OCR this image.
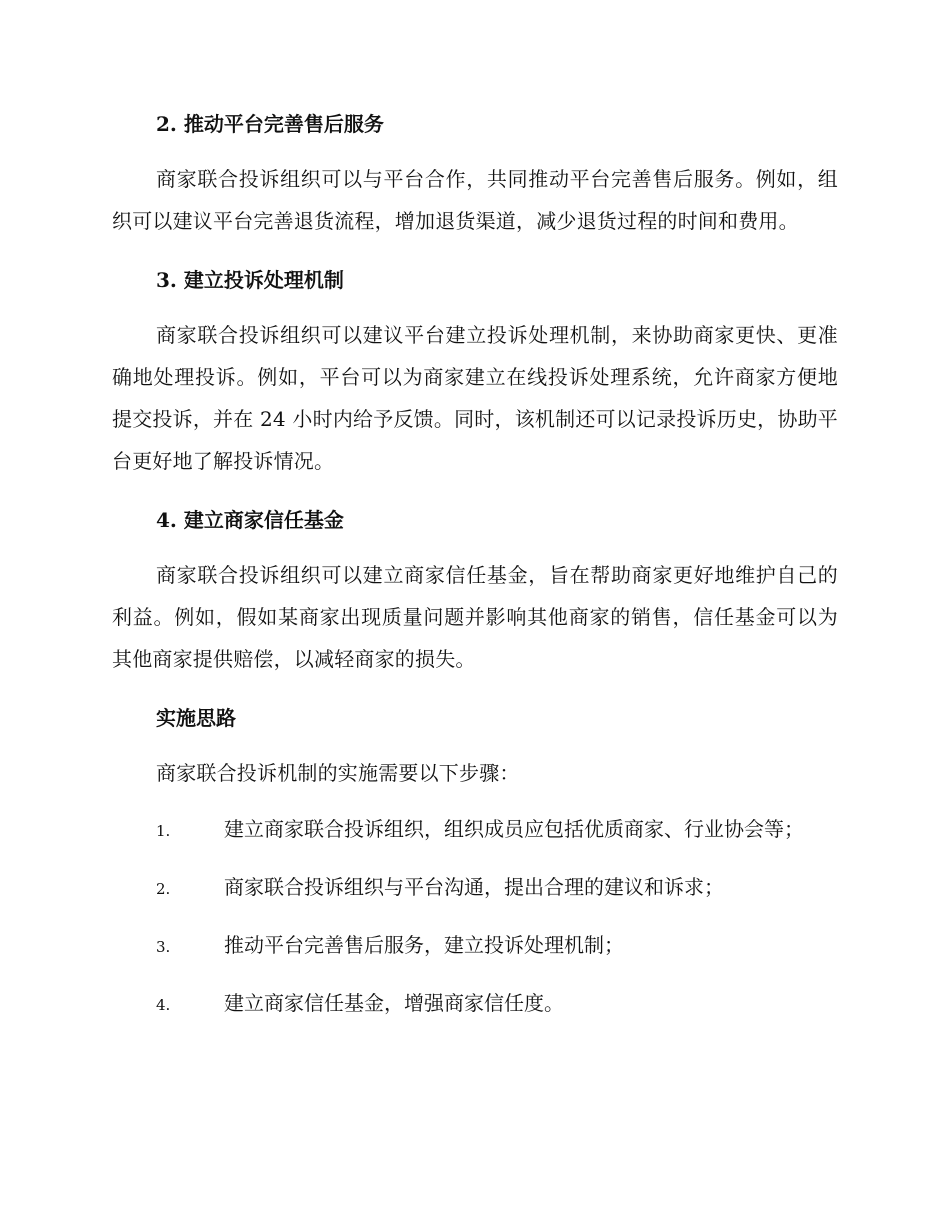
2. 推动平台完善售后服务

商家联合投诉组织可以与平台合作，共同推动平台完善售后服务。例如，组织可以建议平台完善退货流程，增加退货渠道，减少退货过程的时间和费用。

3. 建立投诉处理机制

商家联合投诉组织可以建议平台建立投诉处理机制，来协助商家更快、更准确地处理投诉。例如，平台可以为商家建立在线投诉处理系统，允许商家方便地提交投诉，并在 24 小时内给予反馈。同时，该机制还可以记录投诉历史，协助平台更好地了解投诉情况。

4. 建立商家信任基金

商家联合投诉组织可以建立商家信任基金，旨在帮助商家更好地维护自己的利益。例如，假如某商家出现质量问题并影响其他商家的销售，信任基金可以为其他商家提供赔偿，以减轻商家的损失。

实施思路

商家联合投诉机制的实施需要以下步骤：

1.	建立商家联合投诉组织，组织成员应包括优质商家、行业协会等；

2.	商家联合投诉组织与平台沟通，提出合理的建议和诉求；

3.	推动平台完善售后服务，建立投诉处理机制；

4.	建立商家信任基金，增强商家信任度。
